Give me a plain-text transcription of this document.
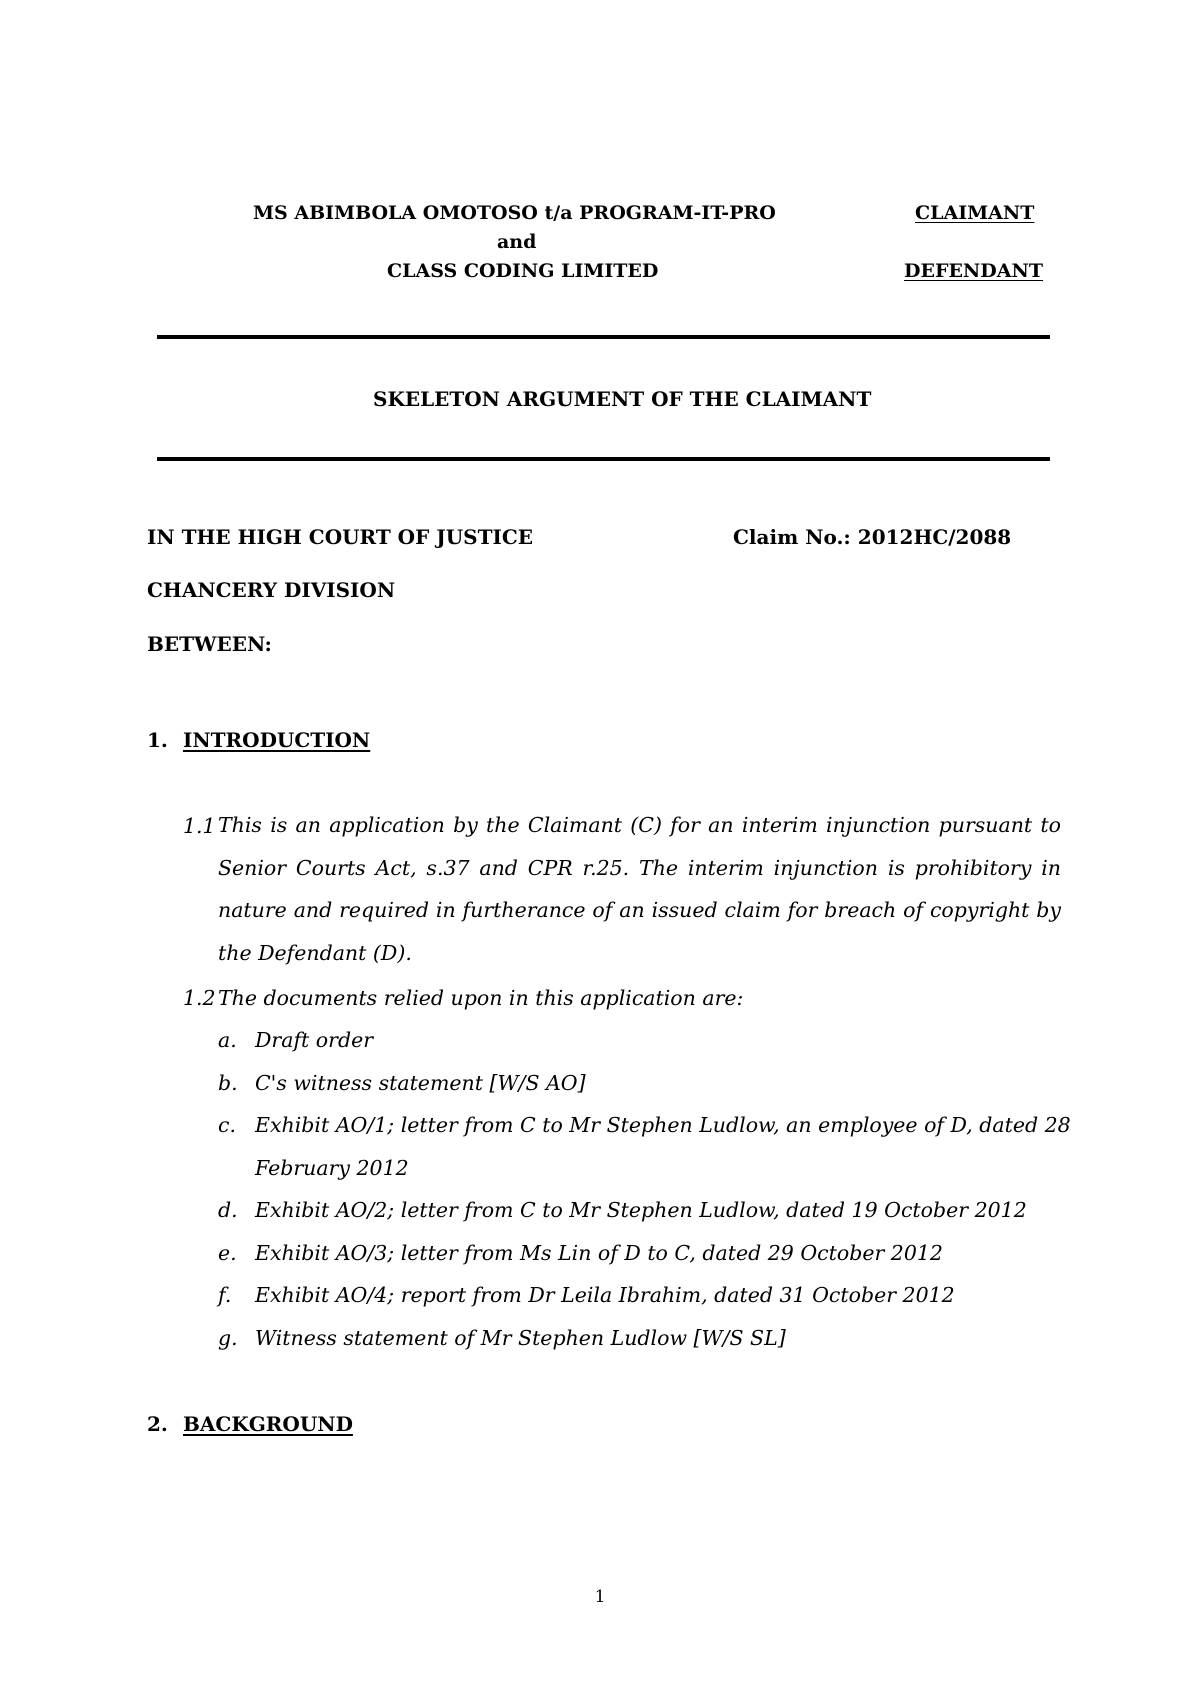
MS ABIMBOLA OMOTOSO t/a PROGRAM-IT-PRO	CLAIMANT
and
CLASS CODING LIMITED	DEFENDANT
SKELETON ARGUMENT OF THE CLAIMANT
IN THE HIGH COURT OF JUSTICE	Claim No.: 2012HC/2088
CHANCERY DIVISION
BETWEEN:
1. INTRODUCTION
1.1 This is an application by the Claimant (C) for an interim injunction pursuant to Senior Courts Act, s.37 and CPR r.25. The interim injunction is prohibitory in nature and required in furtherance of an issued claim for breach of copyright by the Defendant (D).
1.2 The documents relied upon in this application are:
a. Draft order
b. C's witness statement [W/S AO]
c. Exhibit AO/1; letter from C to Mr Stephen Ludlow, an employee of D, dated 28
February 2012
d. Exhibit AO/2; letter from C to Mr Stephen Ludlow, dated 19 October 2012
e. Exhibit AO/3; letter from Ms Lin of D to C, dated 29 October 2012
f. Exhibit AO/4; report from Dr Leila Ibrahim, dated 31 October 2012
g. Witness statement of Mr Stephen Ludlow [W/S SL]
2. BACKGROUND
1
